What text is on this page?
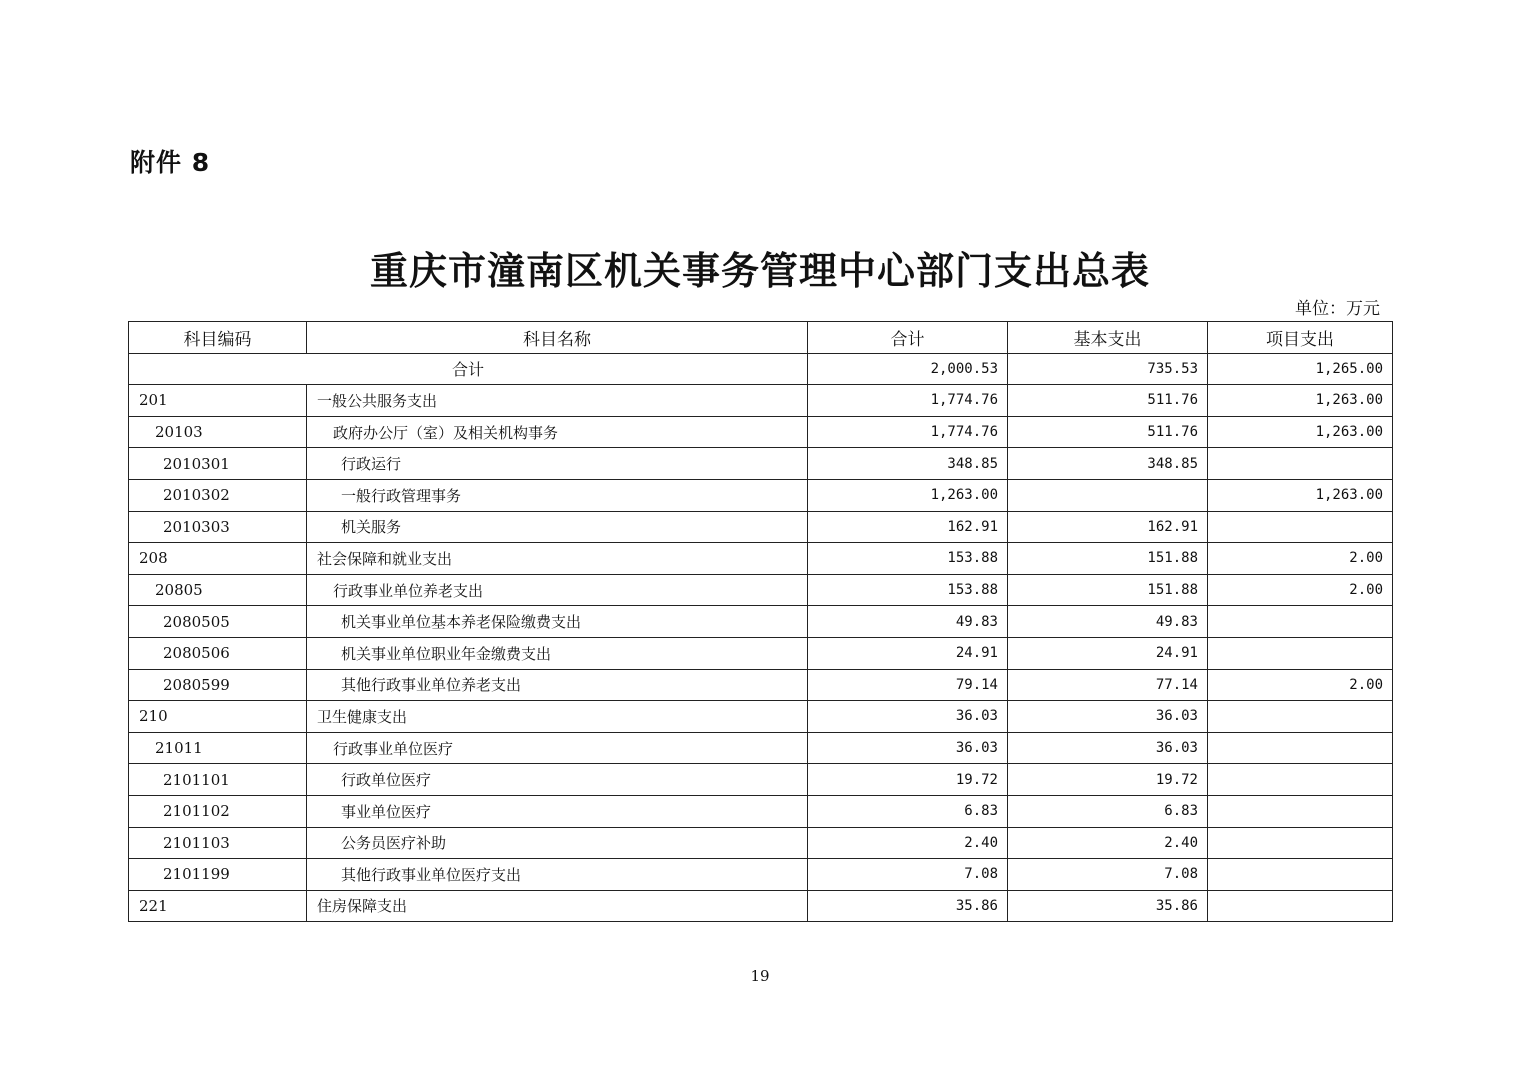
附件 8
重庆市潼南区机关事务管理中心部门支出总表
单位：万元
科目编码	科目名称	合计	基本支出	项目支出
合计		2,000.53	735.53	1,265.00
201	一般公共服务支出	1,774.76	511.76	1,263.00
20103	政府办公厅（室）及相关机构事务	1,774.76	511.76	1,263.00
2010301	行政运行	348.85	348.85	
2010302	一般行政管理事务	1,263.00		1,263.00
2010303	机关服务	162.91	162.91	
208	社会保障和就业支出	153.88	151.88	2.00
20805	行政事业单位养老支出	153.88	151.88	2.00
2080505	机关事业单位基本养老保险缴费支出	49.83	49.83	
2080506	机关事业单位职业年金缴费支出	24.91	24.91	
2080599	其他行政事业单位养老支出	79.14	77.14	2.00
210	卫生健康支出	36.03	36.03	
21011	行政事业单位医疗	36.03	36.03	
2101101	行政单位医疗	19.72	19.72	
2101102	事业单位医疗	6.83	6.83	
2101103	公务员医疗补助	2.40	2.40	
2101199	其他行政事业单位医疗支出	7.08	7.08	
221	住房保障支出	35.86	35.86	
19
